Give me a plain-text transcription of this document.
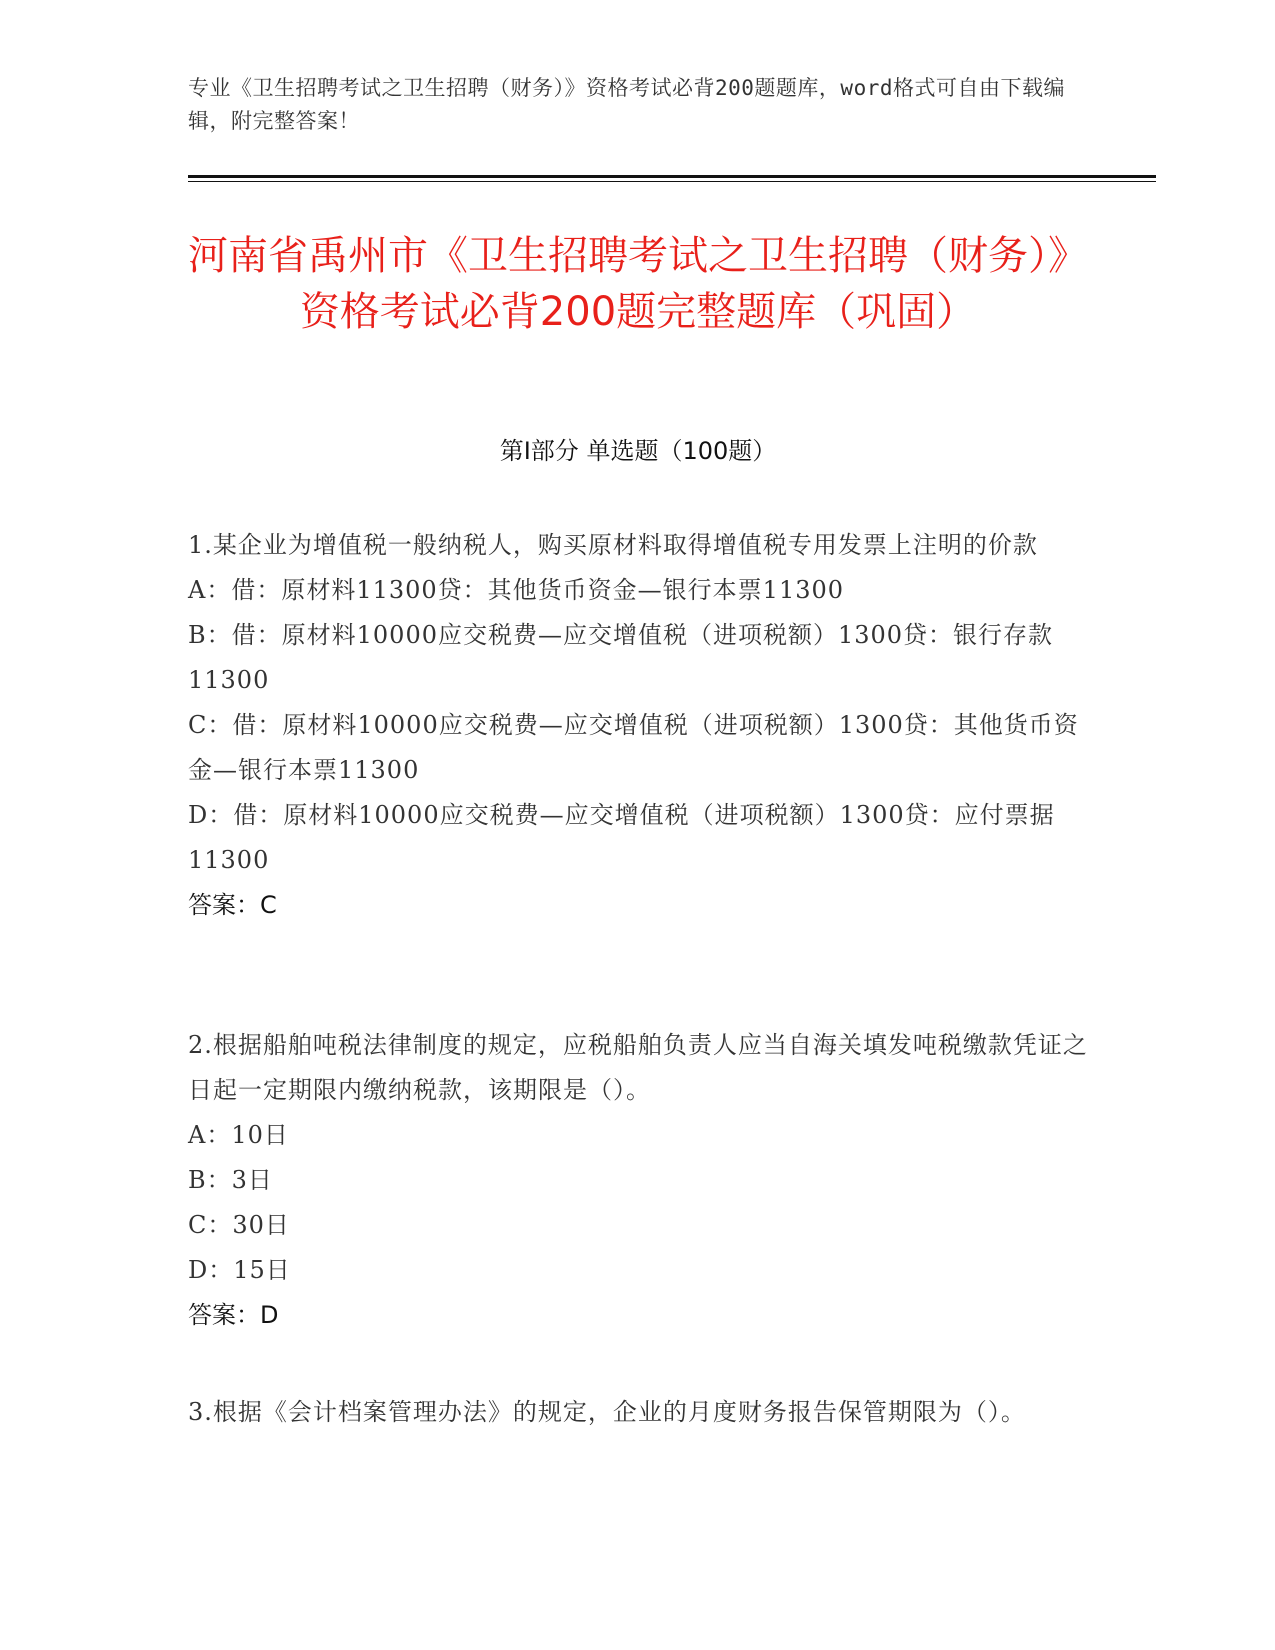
专业《卫生招聘考试之卫生招聘（财务）》资格考试必背200题题库，word格式可自由下载编辑，附完整答案！
河南省禹州市《卫生招聘考试之卫生招聘（财务）》资格考试必背200题完整题库（巩固）
第I部分 单选题（100题）
1.某企业为增值税一般纳税人，购买原材料取得增值税专用发票上注明的价款
A：借：原材料11300贷：其他货币资金—银行本票11300
B：借：原材料10000应交税费—应交增值税（进项税额）1300贷：银行存款11300
C：借：原材料10000应交税费—应交增值税（进项税额）1300贷：其他货币资金—银行本票11300
D：借：原材料10000应交税费—应交增值税（进项税额）1300贷：应付票据11300
答案：C
2.根据船舶吨税法律制度的规定，应税船舶负责人应当自海关填发吨税缴款凭证之日起一定期限内缴纳税款，该期限是（）。
A：10日
B：3日
C：30日
D：15日
答案：D
3.根据《会计档案管理办法》的规定，企业的月度财务报告保管期限为（）。
